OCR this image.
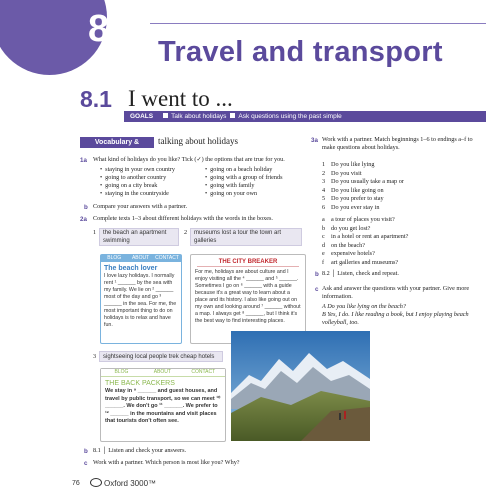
8
Travel and transport
8.1 I went to ...
GOALS	Talk about holidays Ask questions using the past simple
Vocabulary & Speaking
talking about holidays
1a What kind of holidays do you like? Tick (✓) the options that are true for you.
• staying in your own country
• going to another country
• going on a city break
• staying in the countryside
• going on a beach holiday
• going with a group of friends
• going with family
• going on your own
b Compare your answers with a partner.
2a Complete texts 1–3 about different holidays with the words in the boxes.
1	the beach an apartment swimming
2	museums lost a tour the town art galleries
BLOG ABOUT CONTACT
The beach lover
I love lazy holidays. I normally rent ¹ ______ by the sea with my family. We lie on ² ______ most of the day and go ³ ______ in the sea. For me, the most important thing to do on holidays is to relax and have fun.
THE CITY BREAKER
For me, holidays are about culture and I enjoy visiting all the ⁴ ______ and ⁵ ______. Sometimes I go on ⁶ ______ with a guide because it's a great way to learn about a place and its history. I also like going out on my own and looking around ⁷ ______ without a map. I always get ⁸ ______, but I think it's the best way to find interesting places.
3	sightseeing local people trek cheap hotels
BLOG	ABOUT	CONTACT
THE BACK PACKERS
We stay in ⁹ ______ and guest houses, and travel by public transport, so we can meet ¹⁰ ______. We don't go ¹¹ ______. We prefer to ¹² ______ in the mountains and visit places that tourists don't often see.
b 8.1 │ Listen and check your answers.
c Work with a partner. Which person is most like you? Why?
3a Work with a partner. Match beginnings 1–6 to endings a–f to make questions about holidays.
1 Do you like lying
2 Do you visit
3 Do you usually take a map or
4 Do you like going on
5 Do you prefer to stay
6 Do you ever stay in
a a tour of places you visit?
b do you get lost?
c in a hotel or rent an apartment?
d on the beach?
e expensive hotels?
f art galleries and museums?
b 8.2 │ Listen, check and repeat.
c Ask and answer the questions with your partner. Give more information.
A Do you like lying on the beach?
B Yes, I do. I like reading a book, but I enjoy playing beach volleyball, too.
76	Oxford 3000™
